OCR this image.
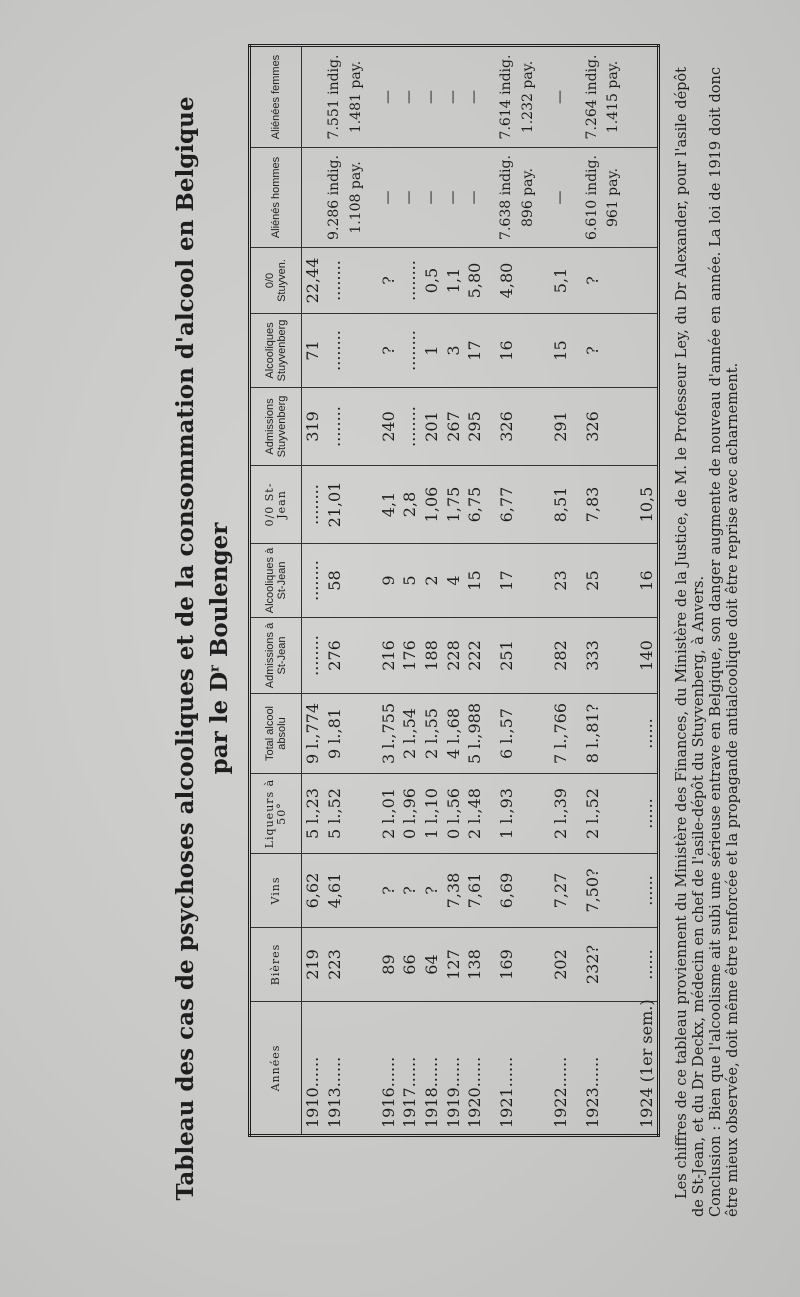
Tableau des cas de psychoses alcooliques et de la consommation d'alcool en Belgique par le $D^r$ Boulenger
Années	Bières	Vins	Liqueurs à 50°	Total alcool absolu	Admissions à St-Jean	Alcooliques à St-Jean	0/0 St-Jean	Admissions Stuyvenberg	Alcooliques Stuyvenberg	0/0 Stuyven.	Aliénés hommes	Aliénées femmes
1910......	219	6,62	5 l.,23	9 l.,774	........	........	........	319	71	22,44		
1913......	223	4,61	5 l.,52	9 l.,81	276	58	21,01	........	........	........	9.286 indig.	7.551 indig.
											1.108 pay.	1.481 pay.

1916......	89	?	2 l.,01	3 l.,755	216	9	4,1	240	?	?	—	—
1917......	66	?	0 l.,96	2 l.,54	176	5	2,8	........	........	........	—	—
1918......	64	?	1 l.,10	2 l.,55	188	2	1,06	201	1	0,5	—	—
1919......	127	7,38	0 l.,56	4 l.,68	228	4	1,75	267	3	1,1	—	—
1920......	138	7,61	2 l.,48	5 l.,988	222	15	6,75	295	17	5,80	—	—

1921......	169	6,69	1 l.,93	6 l.,57	251	17	6,77	326	16	4,80	7.638 indig.	7.614 indig.
											896 pay.	1.232 pay.

1922......	202	7,27	2 l.,39	7 l.,766	282	23	8,51	291	15	5,1	—	—

1923......	232?	7,50?	2 l.,52	8 l.,81?	333	25	7,83	326	?	?	6.610 indig.	7.264 indig.
											961 pay.	1.415 pay.

1924 (1er sem.)	......	......	......	......	140	16	10,5					Les chiffres de ce tableau proviennent du Ministère des Finances, du Ministère de la Justice, de M. le Professeur Ley, du Dr Alexander, pour l'asile dépôt de St-Jean, et du Dr Deckx, médecin en chef de l'asile-dépôt du Stuyvenberg, à Anvers. Conclusion : Bien que l'alcoolisme ait subi une sérieuse entrave en Belgique, son danger augmente de nouveau d'année en année. La loi de 1919 doit donc être mieux observée, doit même être renforcée et la propagande antialcoolique doit être reprise avec acharnement.
